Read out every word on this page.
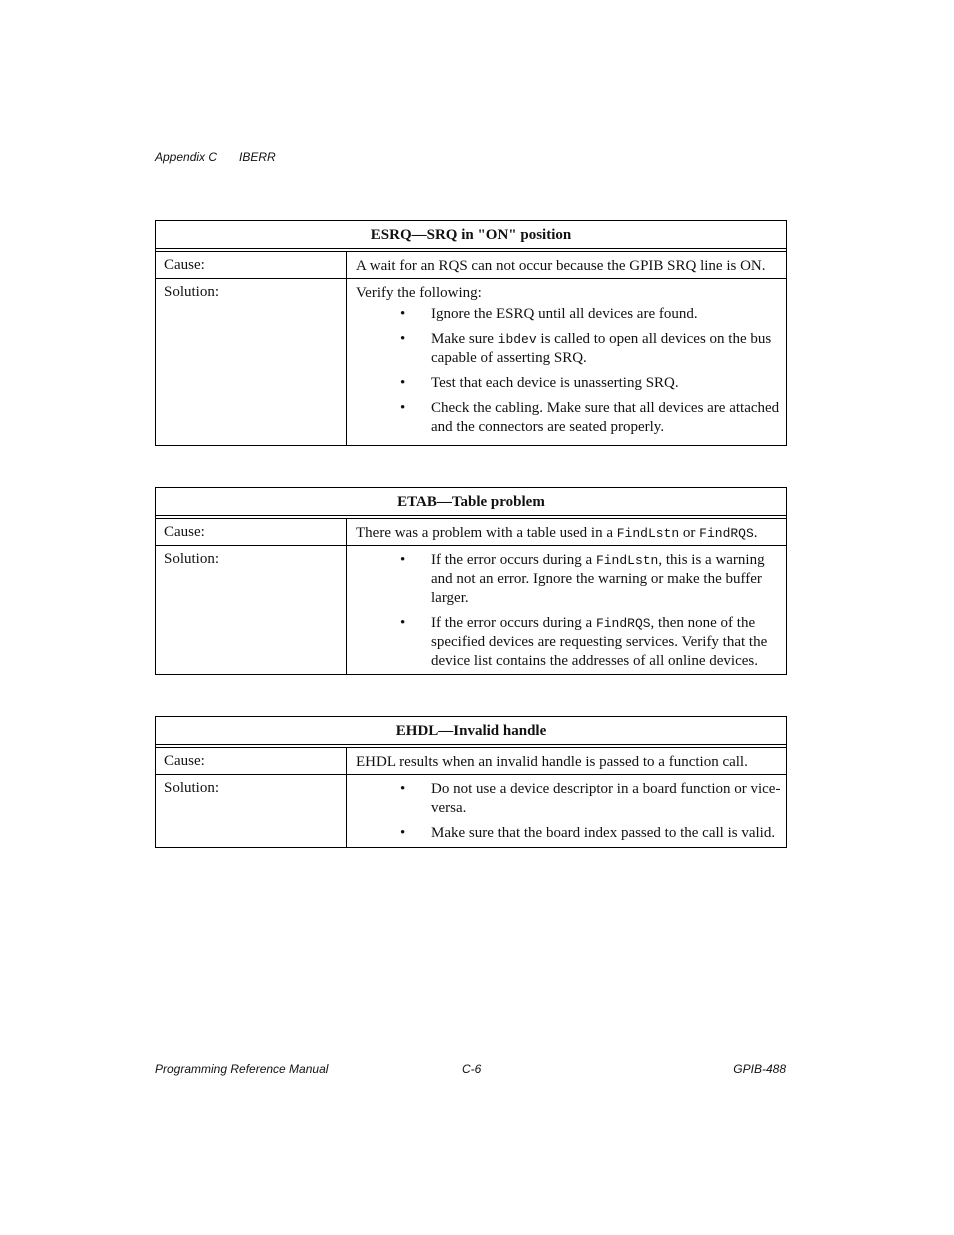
Appendix C IBERR
ESRQ—SRQ in "ON" position
Cause:	A wait for an RQS can not occur because the GPIB SRQ line is ON.
Solution:	Verify the following:
• Ignore the ESRQ until all devices are found.
• Make sure ibdev is called to open all devices on the bus capable of asserting SRQ.
• Test that each device is unasserting SRQ.
• Check the cabling. Make sure that all devices are attached and the connectors are seated properly.
ETAB—Table problem
Cause:	There was a problem with a table used in a FindLstn or FindRQS.
Solution:	• If the error occurs during a FindLstn, this is a warning and not an error. Ignore the warning or make the buffer larger.
• If the error occurs during a FindRQS, then none of the specified devices are requesting services. Verify that the device list contains the addresses of all online devices.
EHDL—Invalid handle
Cause:	EHDL results when an invalid handle is passed to a function call.
Solution:	• Do not use a device descriptor in a board function or vice-versa.
• Make sure that the board index passed to the call is valid.
Programming Reference Manual	C-6	GPIB-488
